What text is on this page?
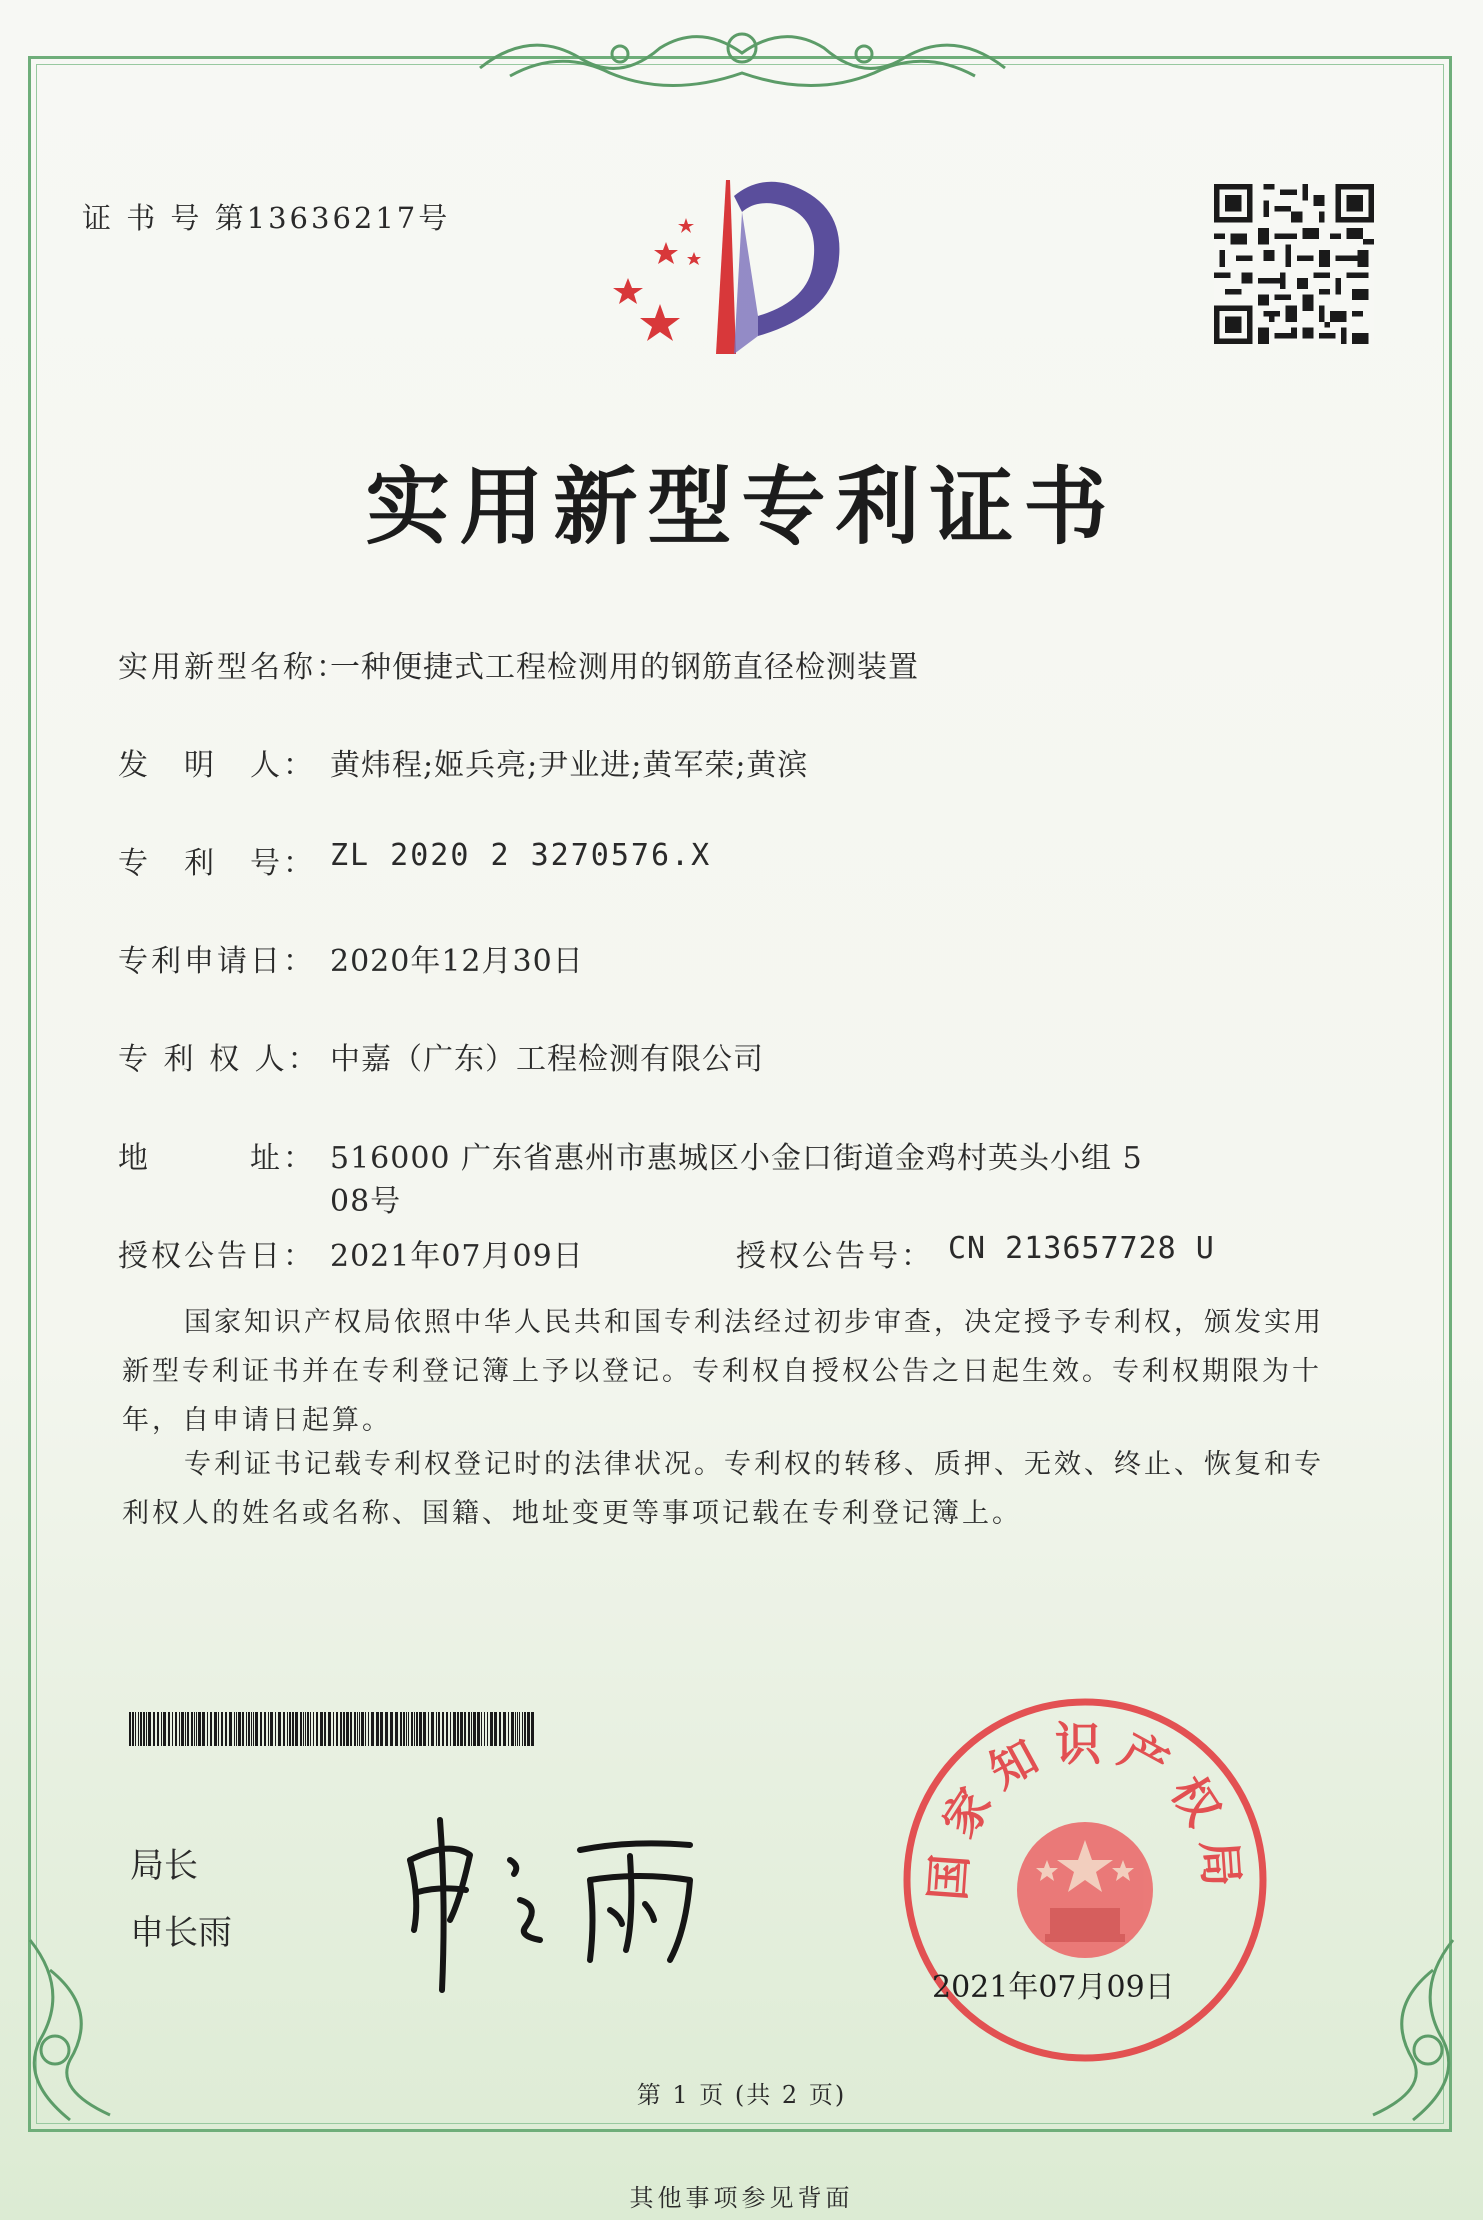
证 书 号 第13636217号
实用新型专利证书
实用新型名称：
一种便捷式工程检测用的钢筋直径检测装置
发　明　人： 黄炜程;姬兵亮;尹业进;黄军荣;黄滨
专　利　号： ZL 2020 2 3270576.X
专利申请日： 2020年12月30日
专 利 权 人： 中嘉（广东）工程检测有限公司
地　　　址： 516000 广东省惠州市惠城区小金口街道金鸡村英头小组 5
08号
授权公告日： 2021年07月09日	授权公告号： CN 213657728 U
国家知识产权局依照中华人民共和国专利法经过初步审查，决定授予专利权，颁发实用新型专利证书并在专利登记簿上予以登记。专利权自授权公告之日起生效。专利权期限为十年，自申请日起算。
专利证书记载专利权登记时的法律状况。专利权的转移、质押、无效、终止、恢复和专利权人的姓名或名称、国籍、地址变更等事项记载在专利登记簿上。
局长
申长雨
国家知识产权局
2021年07月09日
第 1 页 (共 2 页)
其他事项参见背面
